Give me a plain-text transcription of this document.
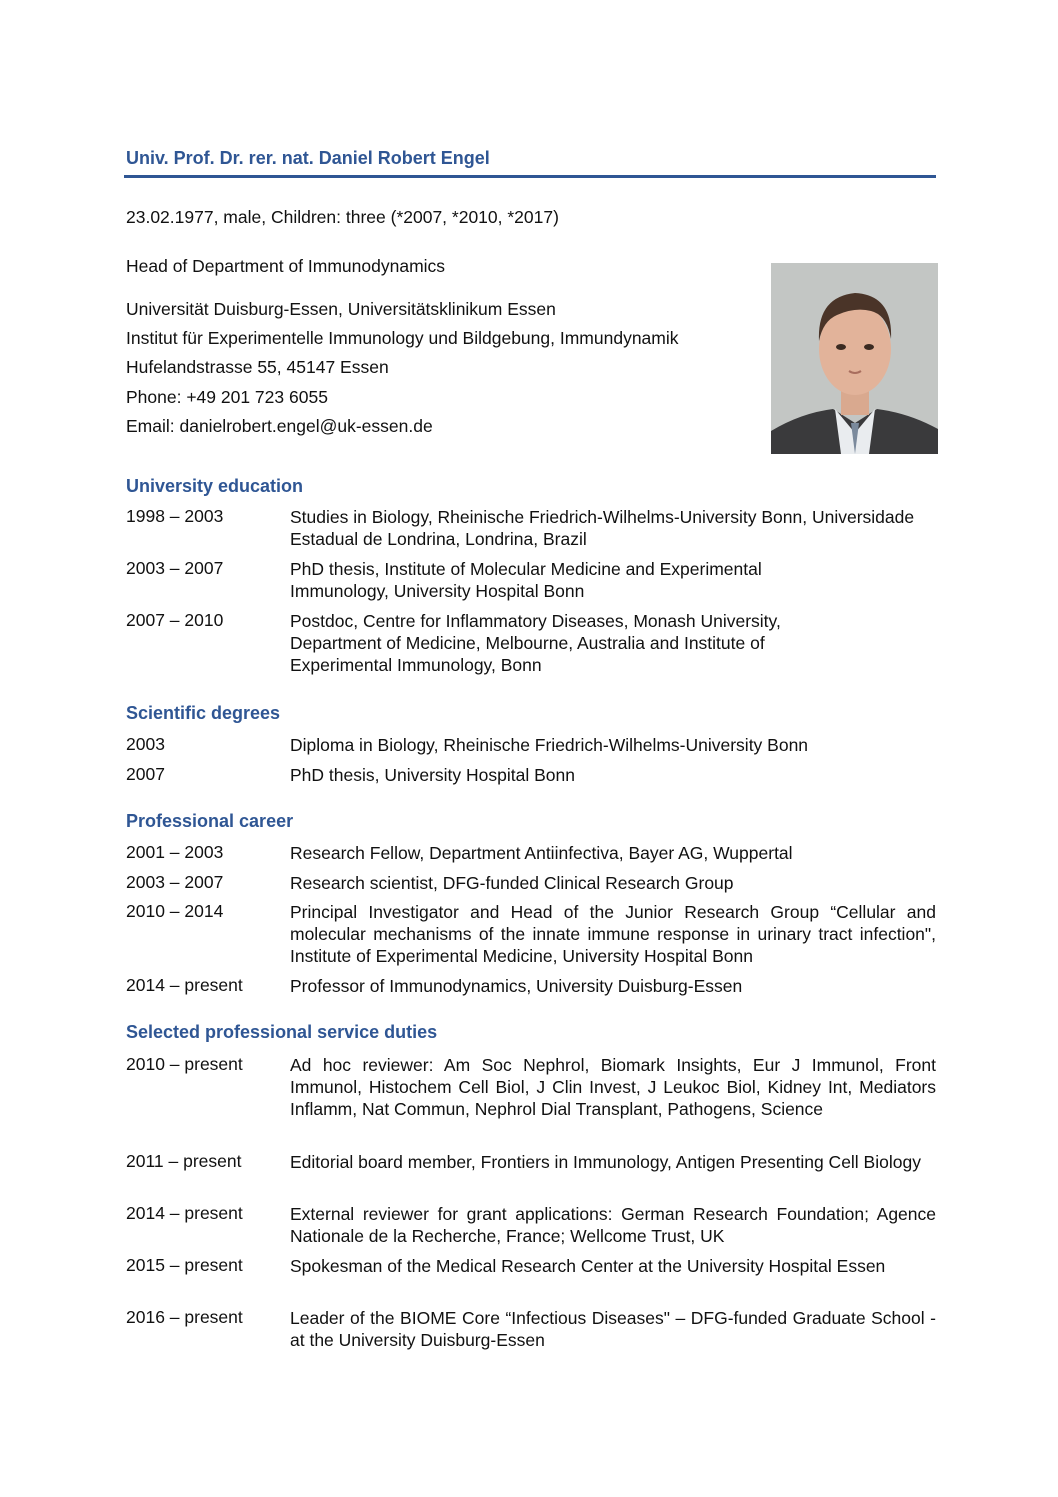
Univ. Prof. Dr. rer. nat. Daniel Robert Engel
23.02.1977, male, Children: three (*2007, *2010, *2017)
Head of Department of Immunodynamics
Universität Duisburg-Essen, Universitätsklinikum Essen
Institut für Experimentelle Immunology und Bildgebung, Immundynamik
Hufelandstrasse 55, 45147 Essen
Phone: +49 201 723 6055
Email: danielrobert.engel@uk-essen.de
University education
1998 – 2003	Studies in Biology, Rheinische Friedrich-Wilhelms-University Bonn, Universidade Estadual de Londrina, Londrina, Brazil
2003 – 2007	PhD thesis, Institute of Molecular Medicine and Experimental Immunology, University Hospital Bonn
2007 – 2010	Postdoc, Centre for Inflammatory Diseases, Monash University, Department of Medicine, Melbourne, Australia and Institute of Experimental Immunology, Bonn
Scientific degrees
2003	Diploma in Biology, Rheinische Friedrich-Wilhelms-University Bonn
2007	PhD thesis, University Hospital Bonn
Professional career
2001 – 2003	Research Fellow, Department Antiinfectiva, Bayer AG, Wuppertal
2003 – 2007	Research scientist, DFG-funded Clinical Research Group
2010 – 2014	Principal Investigator and Head of the Junior Research Group “Cellular and molecular mechanisms of the innate immune response in urinary tract infection", Institute of Experimental Medicine, University Hospital Bonn
2014 – present	Professor of Immunodynamics, University Duisburg-Essen
Selected professional service duties
2010 – present	Ad hoc reviewer: Am Soc Nephrol, Biomark Insights, Eur J Immunol, Front Immunol, Histochem Cell Biol, J Clin Invest, J Leukoc Biol, Kidney Int, Mediators Inflamm, Nat Commun, Nephrol Dial Transplant, Pathogens, Science
2011 – present	Editorial board member, Frontiers in Immunology, Antigen Presenting Cell Biology
2014 – present	External reviewer for grant applications: German Research Foundation; Agence Nationale de la Recherche, France; Wellcome Trust, UK
2015 – present	Spokesman of the Medical Research Center at the University Hospital Essen
2016 – present	Leader of the BIOME Core “Infectious Diseases" – DFG-funded Graduate School - at the University Duisburg-Essen
